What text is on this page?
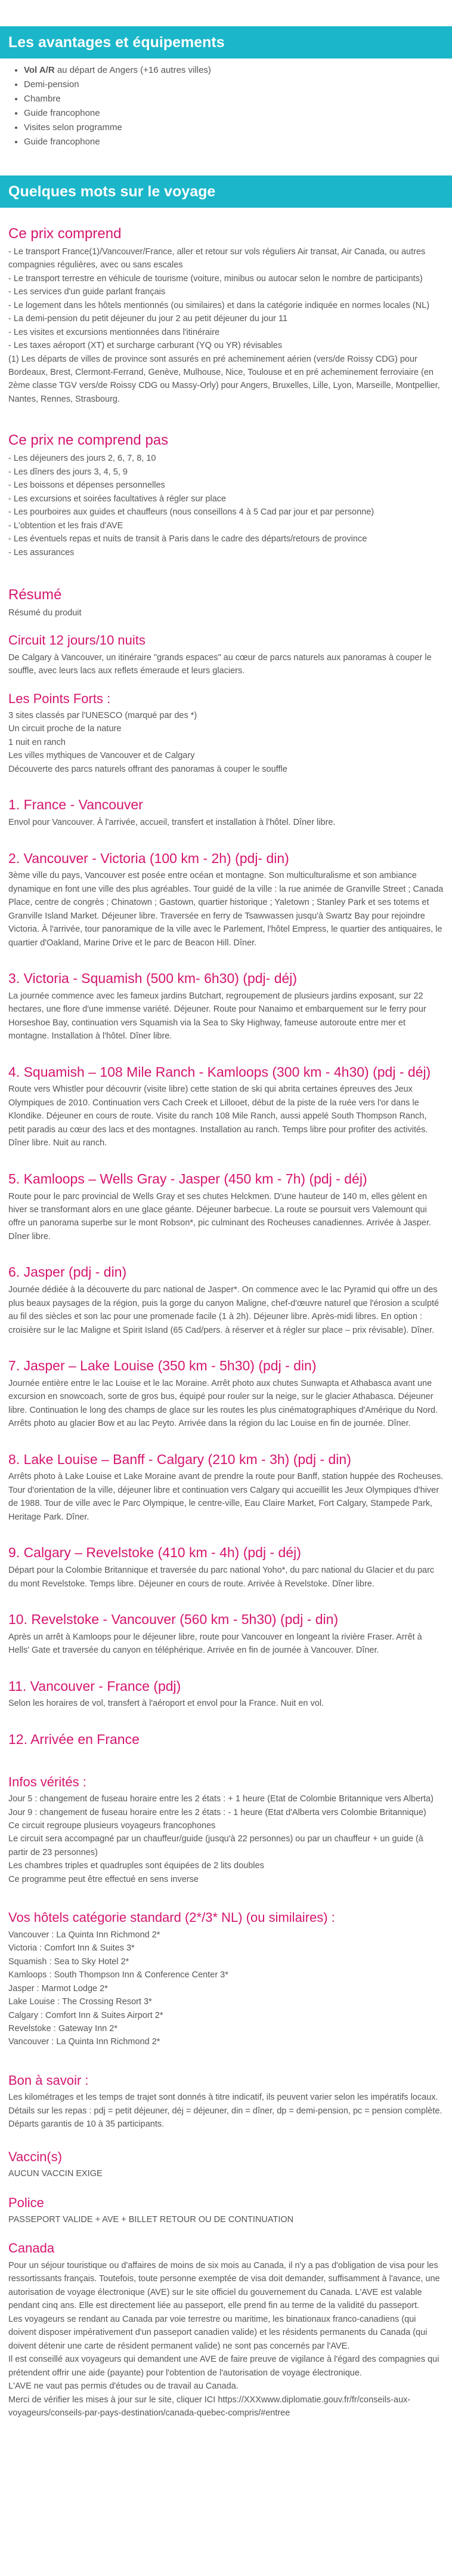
Les avantages et équipements
• Vol A/R au départ de Angers (+16 autres villes)
• Demi-pension
• Chambre
• Guide francophone
• Visites selon programme
• Guide francophone
Quelques mots sur le voyage
Ce prix comprend

- Le transport France(1)/Vancouver/France, aller et retour sur vols réguliers Air transat, Air Canada, ou autres compagnies régulières, avec ou sans escales

- Le transport terrestre en véhicule de tourisme (voiture, minibus ou autocar selon le nombre de participants)

- Les services d'un guide parlant français

- Le logement dans les hôtels mentionnés (ou similaires) et dans la catégorie indiquée en normes locales (NL)

- La demi-pension du petit déjeuner du jour 2 au petit déjeuner du jour 11

- Les visites et excursions mentionnées dans l'itinéraire

- Les taxes aéroport (XT) et surcharge carburant (YQ ou YR) révisables

(1) Les départs de villes de province sont assurés en pré acheminement aérien (vers/de Roissy CDG) pour Bordeaux, Brest, Clermont-Ferrand, Genève, Mulhouse, Nice, Toulouse et en pré acheminement ferroviaire (en 2ème classe TGV vers/de Roissy CDG ou Massy-Orly) pour Angers, Bruxelles, Lille, Lyon, Marseille, Montpellier, Nantes, Rennes, Strasbourg.

Ce prix ne comprend pas

- Les déjeuners des jours 2, 6, 7, 8, 10

- Les dîners des jours 3, 4, 5, 9

- Les boissons et dépenses personnelles

- Les excursions et soirées facultatives à régler sur place

- Les pourboires aux guides et chauffeurs (nous conseillons 4 à 5 Cad par jour et par personne)

- L'obtention et les frais d'AVE

- Les éventuels repas et nuits de transit à Paris dans le cadre des départs/retours de province

- Les assurances

Résumé

Résumé du produit

Circuit 12 jours/10 nuits

De Calgary à Vancouver, un itinéraire "grands espaces" au cœur de parcs naturels aux panoramas à couper le souffle, avec leurs lacs aux reflets émeraude et leurs glaciers.

Les Points Forts :

3 sites classés par l'UNESCO (marqué par des *)

Un circuit proche de la nature

1 nuit en ranch

Les villes mythiques de Vancouver et de Calgary

Découverte des parcs naturels offrant des panoramas à couper le souffle

1. France - Vancouver

Envol pour Vancouver. À l'arrivée, accueil, transfert et installation à l'hôtel. Dîner libre.

2. Vancouver - Victoria (100 km - 2h) (pdj- din)

3ème ville du pays, Vancouver est posée entre océan et montagne. Son multiculturalisme et son ambiance dynamique en font une ville des plus agréables. Tour guidé de la ville : la rue animée de Granville Street ; Canada Place, centre de congrès ; Chinatown ; Gastown, quartier historique ; Yaletown ; Stanley Park et ses totems et Granville Island Market. Déjeuner libre. Traversée en ferry de Tsawwassen jusqu'à Swartz Bay pour rejoindre Victoria. À l'arrivée, tour panoramique de la ville avec le Parlement, l'hôtel Empress, le quartier des antiquaires, le quartier d'Oakland, Marine Drive et le parc de Beacon Hill. Dîner.

3. Victoria - Squamish (500 km- 6h30) (pdj- déj)

La journée commence avec les fameux jardins Butchart, regroupement de plusieurs jardins exposant, sur 22 hectares, une flore d'une immense variété. Déjeuner. Route pour Nanaimo et embarquement sur le ferry pour Horseshoe Bay, continuation vers Squamish via la Sea to Sky Highway, fameuse autoroute entre mer et montagne. Installation à l'hôtel. Dîner libre.

4. Squamish – 108 Mile Ranch - Kamloops (300 km - 4h30) (pdj - déj)

Route vers Whistler pour découvrir (visite libre) cette station de ski qui abrita certaines épreuves des Jeux Olympiques de 2010. Continuation vers Cach Creek et Lillooet, début de la piste de la ruée vers l'or dans le Klondike. Déjeuner en cours de route. Visite du ranch 108 Mile Ranch, aussi appelé South Thompson Ranch, petit paradis au cœur des lacs et des montagnes. Installation au ranch. Temps libre pour profiter des activités. Dîner libre. Nuit au ranch.

5. Kamloops – Wells Gray - Jasper (450 km - 7h) (pdj - déj)

Route pour le parc provincial de Wells Gray et ses chutes Helckmen. D'une hauteur de 140 m, elles gèlent en hiver se transformant alors en une glace géante. Déjeuner barbecue. La route se poursuit vers Valemount qui offre un panorama superbe sur le mont Robson*, pic culminant des Rocheuses canadiennes. Arrivée à Jasper. Dîner libre.

6. Jasper (pdj - din)

Journée dédiée à la découverte du parc national de Jasper*. On commence avec le lac Pyramid qui offre un des plus beaux paysages de la région, puis la gorge du canyon Maligne, chef-d'œuvre naturel que l'érosion a sculpté au fil des siècles et son lac pour une promenade facile (1 à 2h). Déjeuner libre. Après-midi libres. En option : croisière sur le lac Maligne et Spirit Island (65 Cad/pers. à réserver et à régler sur place – prix révisable). Dîner.

7. Jasper – Lake Louise (350 km - 5h30) (pdj - din)

Journée entière entre le lac Louise et le lac Moraine. Arrêt photo aux chutes Sunwapta et Athabasca avant une excursion en snowcoach, sorte de gros bus, équipé pour rouler sur la neige, sur le glacier Athabasca. Déjeuner libre. Continuation le long des champs de glace sur les routes les plus cinématographiques d'Amérique du Nord. Arrêts photo au glacier Bow et au lac Peyto. Arrivée dans la région du lac Louise en fin de journée. Dîner.

8. Lake Louise – Banff - Calgary (210 km - 3h) (pdj - din)

Arrêts photo à Lake Louise et Lake Moraine avant de prendre la route pour Banff, station huppée des Rocheuses. Tour d'orientation de la ville, déjeuner libre et continuation vers Calgary qui accueillit les Jeux Olympiques d'hiver de 1988. Tour de ville avec le Parc Olympique, le centre-ville, Eau Claire Market, Fort Calgary, Stampede Park, Heritage Park. Dîner.

9. Calgary – Revelstoke (410 km - 4h) (pdj - déj)

Départ pour la Colombie Britannique et traversée du parc national Yoho*, du parc national du Glacier et du parc du mont Revelstoke. Temps libre. Déjeuner en cours de route. Arrivée à Revelstoke. Dîner libre.

10. Revelstoke - Vancouver (560 km - 5h30) (pdj - din)

Après un arrêt à Kamloops pour le déjeuner libre, route pour Vancouver en longeant la rivière Fraser. Arrêt à Hells' Gate et traversée du canyon en téléphérique. Arrivée en fin de journée à Vancouver. Dîner.

11. Vancouver - France (pdj)

Selon les horaires de vol, transfert à l'aéroport et envol pour la France. Nuit en vol.

12. Arrivée en France
Infos vérités :

Jour 5 : changement de fuseau horaire entre les 2 états : + 1 heure (Etat de Colombie Britannique vers Alberta)

Jour 9 : changement de fuseau horaire entre les 2 états : - 1 heure (Etat d'Alberta vers Colombie Britannique)

Ce circuit regroupe plusieurs voyageurs francophones

Le circuit sera accompagné par un chauffeur/guide (jusqu'à 22 personnes) ou par un chauffeur + un guide (à partir de 23 personnes)

Les chambres triples et quadruples sont équipées de 2 lits doubles

Ce programme peut être effectué en sens inverse

Vos hôtels catégorie standard (2*/3* NL) (ou similaires) :

Vancouver : La Quinta Inn Richmond 2*

Victoria : Comfort Inn & Suites 3*

Squamish : Sea to Sky Hotel 2*

Kamloops : South Thompson Inn & Conference Center 3*

Jasper : Marmot Lodge 2*

Lake Louise : The Crossing Resort 3*

Calgary : Comfort Inn & Suites Airport 2*

Revelstoke : Gateway Inn 2*

Vancouver : La Quinta Inn Richmond 2*

Bon à savoir :

Les kilométrages et les temps de trajet sont donnés à titre indicatif, ils peuvent varier selon les impératifs locaux.

Détails sur les repas : pdj = petit déjeuner, déj = déjeuner, din = dîner, dp = demi-pension, pc = pension complète.

Départs garantis de 10 à 35 participants.

Vaccin(s)

AUCUN VACCIN EXIGE

Police

PASSEPORT VALIDE + AVE + BILLET RETOUR OU DE CONTINUATION

Canada

Pour un séjour touristique ou d'affaires de moins de six mois au Canada, il n'y a pas d'obligation de visa pour les ressortissants français. Toutefois, toute personne exemptée de visa doit demander, suffisamment à l'avance, une autorisation de voyage électronique (AVE) sur le site officiel du gouvernement du Canada. L'AVE est valable pendant cinq ans. Elle est directement liée au passeport, elle prend fin au terme de la validité du passeport.

Les voyageurs se rendant au Canada par voie terrestre ou maritime, les binationaux franco-canadiens (qui doivent disposer impérativement d'un passeport canadien valide) et les résidents permanents du Canada (qui doivent détenir une carte de résident permanent valide) ne sont pas concernés par l'AVE.

Il est conseillé aux voyageurs qui demandent une AVE de faire preuve de vigilance à l'égard des compagnies qui prétendent offrir une aide (payante) pour l'obtention de l'autorisation de voyage électronique.

L'AVE ne vaut pas permis d'études ou de travail au Canada.

Merci de vérifier les mises à jour sur le site, cliquer ICI https://XXXwww.diplomatie.gouv.fr/fr/conseils-aux-voyageurs/conseils-par-pays-destination/canada-quebec-compris/#entree
